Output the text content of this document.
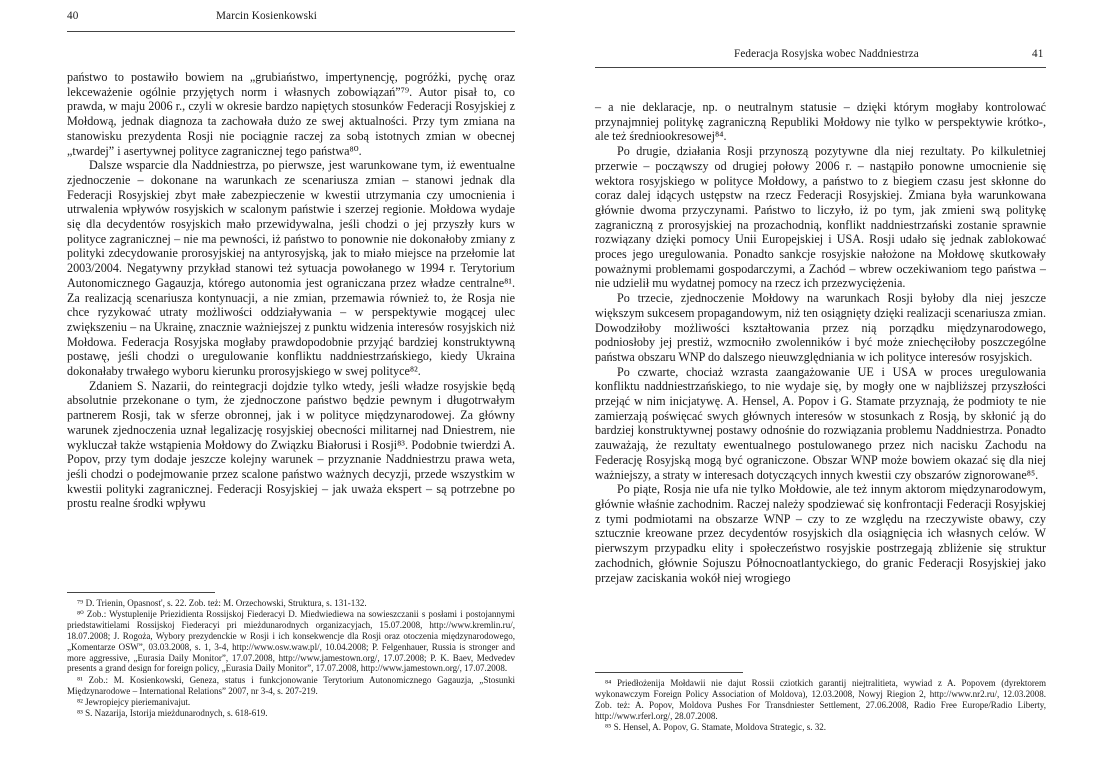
40	Marcin Kosienkowski

państwo to postawiło bowiem na „grubiaństwo, impertynencję, pogróżki, pychę oraz lekceważenie ogólnie przyjętych norm i własnych zobowiązań”⁷⁹. Autor pisał to, co prawda, w maju 2006 r., czyli w okresie bardzo napiętych stosunków Federacji Rosyjskiej z Mołdową, jednak diagnoza ta zachowała dużo ze swej aktualności. Przy tym zmiana na stanowisku prezydenta Rosji nie pociągnie raczej za sobą istotnych zmian w obecnej „twardej” i asertywnej polityce zagranicznej tego państwa⁸⁰.

Dalsze wsparcie dla Naddniestrza, po pierwsze, jest warunkowane tym, iż ewentualne zjednoczenie – dokonane na warunkach ze scenariusza zmian – stanowi jednak dla Federacji Rosyjskiej zbyt małe zabezpieczenie w kwestii utrzymania czy umocnienia i utrwalenia wpływów rosyjskich w scalonym państwie i szerzej regionie. Mołdowa wydaje się dla decydentów rosyjskich mało przewidywalna, jeśli chodzi o jej przyszły kurs w polityce zagranicznej – nie ma pewności, iż państwo to ponownie nie dokonałoby zmiany z polityki zdecydowanie prorosyjskiej na antyrosyjską, jak to miało miejsce na przełomie lat 2003/2004. Negatywny przykład stanowi też sytuacja powołanego w 1994 r. Terytorium Autonomicznego Gagauzja, którego autonomia jest ograniczana przez władze centralne⁸¹. Za realizacją scenariusza kontynuacji, a nie zmian, przemawia również to, że Rosja nie chce ryzykować utraty możliwości oddziaływania – w perspektywie mogącej ulec zwiększeniu – na Ukrainę, znacznie ważniejszej z punktu widzenia interesów rosyjskich niż Mołdowa. Federacja Rosyjska mogłaby prawdopodobnie przyjąć bardziej konstruktywną postawę, jeśli chodzi o uregulowanie konfliktu naddniestrzańskiego, kiedy Ukraina dokonałaby trwałego wyboru kierunku prorosyjskiego w swej polityce⁸².

Zdaniem S. Nazarii, do reintegracji dojdzie tylko wtedy, jeśli władze rosyjskie będą absolutnie przekonane o tym, że zjednoczone państwo będzie pewnym i długotrwałym partnerem Rosji, tak w sferze obronnej, jak i w polityce międzynarodowej. Za główny warunek zjednoczenia uznał legalizację rosyjskiej obecności militarnej nad Dniestrem, nie wykluczał także wstąpienia Mołdowy do Związku Białorusi i Rosji⁸³. Podobnie twierdzi A. Popov, przy tym dodaje jeszcze kolejny warunek – przyznanie Naddniestrzu prawa weta, jeśli chodzi o podejmowanie przez scalone państwo ważnych decyzji, przede wszystkim w kwestii polityki zagranicznej. Federacji Rosyjskiej – jak uważa ekspert – są potrzebne po prostu realne środki wpływu

⁷⁹ D. Trienin, Opasnost', s. 22. Zob. też: M. Orzechowski, Struktura, s. 131-132.

⁸⁰ Zob.: Wystuplenije Priezidienta Rossijskoj Fiederacyi D. Miedwiediewa na sowieszczanii s posłami i postojannymi priedstawitielami Rossijskoj Fiederacyi pri mieżdunarodnych organizacyjach, 15.07.2008, http://www.kremlin.ru/, 18.07.2008; J. Rogoża, Wybory prezydenckie w Rosji i ich konsekwencje dla Rosji oraz otoczenia międzynarodowego, „Komentarze OSW”, 03.03.2008, s. 1, 3-4, http://www.osw.waw.pl/, 10.04.2008; P. Felgenhauer, Russia is stronger and more aggressive, „Eurasia Daily Monitor”, 17.07.2008, http://www.jamestown.org/, 17.07.2008; P. K. Baev, Medvedev presents a grand design for foreign policy, „Eurasia Daily Monitor”, 17.07.2008, http://www.jamestown.org/, 17.07.2008.

⁸¹ Zob.: M. Kosienkowski, Geneza, status i funkcjonowanie Terytorium Autonomicznego Gagauzja, „Stosunki Międzynarodowe – International Relations” 2007, nr 3-4, s. 207-219.

⁸² Jewropiejcy pieriemanivajut.

⁸³ S. Nazarija, Istorija mieżdunarodnych, s. 618-619.

Federacja Rosyjska wobec Naddniestrza	41

– a nie deklaracje, np. o neutralnym statusie – dzięki którym mogłaby kontrolować przynajmniej politykę zagraniczną Republiki Mołdowy nie tylko w perspektywie krótko-, ale też średniookresowej⁸⁴.

Po drugie, działania Rosji przynoszą pozytywne dla niej rezultaty. Po kilkuletniej przerwie – począwszy od drugiej połowy 2006 r. – nastąpiło ponowne umocnienie się wektora rosyjskiego w polityce Mołdowy, a państwo to z biegiem czasu jest skłonne do coraz dalej idących ustępstw na rzecz Federacji Rosyjskiej. Zmiana była warunkowana głównie dwoma przyczynami. Państwo to liczyło, iż po tym, jak zmieni swą politykę zagraniczną z prorosyjskiej na prozachodnią, konflikt naddniestrzański zostanie sprawnie rozwiązany dzięki pomocy Unii Europejskiej i USA. Rosji udało się jednak zablokować proces jego uregulowania. Ponadto sankcje rosyjskie nałożone na Mołdowę skutkowały poważnymi problemami gospodarczymi, a Zachód – wbrew oczekiwaniom tego państwa – nie udzielił mu wydatnej pomocy na rzecz ich przezwyciężenia.

Po trzecie, zjednoczenie Mołdowy na warunkach Rosji byłoby dla niej jeszcze większym sukcesem propagandowym, niż ten osiągnięty dzięki realizacji scenariusza zmian. Dowodziłoby możliwości kształtowania przez nią porządku międzynarodowego, podniosłoby jej prestiż, wzmocniło zwolenników i być może zniechęciłoby poszczególne państwa obszaru WNP do dalszego nieuwzględniania w ich polityce interesów rosyjskich.

Po czwarte, chociaż wzrasta zaangażowanie UE i USA w proces uregulowania konfliktu naddniestrzańskiego, to nie wydaje się, by mogły one w najbliższej przyszłości przejąć w nim inicjatywę. A. Hensel, A. Popov i G. Stamate przyznają, że podmioty te nie zamierzają poświęcać swych głównych interesów w stosunkach z Rosją, by skłonić ją do bardziej konstruktywnej postawy odnośnie do rozwiązania problemu Naddniestrza. Ponadto zauważają, że rezultaty ewentualnego postulowanego przez nich nacisku Zachodu na Federację Rosyjską mogą być ograniczone. Obszar WNP może bowiem okazać się dla niej ważniejszy, a straty w interesach dotyczących innych kwestii czy obszarów zignorowane⁸⁵.

Po piąte, Rosja nie ufa nie tylko Mołdowie, ale też innym aktorom międzynarodowym, głównie właśnie zachodnim. Raczej należy spodziewać się konfrontacji Federacji Rosyjskiej z tymi podmiotami na obszarze WNP – czy to ze względu na rzeczywiste obawy, czy sztucznie kreowane przez decydentów rosyjskich dla osiągnięcia ich własnych celów. W pierwszym przypadku elity i społeczeństwo rosyjskie postrzegają zbliżenie się struktur zachodnich, głównie Sojuszu Północnoatlantyckiego, do granic Federacji Rosyjskiej jako przejaw zaciskania wokół niej wrogiego

⁸⁴ Priedłożenija Mołdawii nie dajut Rossii cziotkich garantij niejtralitieta, wywiad z A. Popovem (dyrektorem wykonawczym Foreign Policy Association of Moldova), 12.03.2008, Nowyj Riegion 2, http://www.nr2.ru/, 12.03.2008. Zob. też: A. Popov, Moldova Pushes For Transdniester Settlement, 27.06.2008, Radio Free Europe/Radio Liberty, http://www.rferl.org/, 28.07.2008.

⁸⁵ S. Hensel, A. Popov, G. Stamate, Moldova Strategic, s. 32.
